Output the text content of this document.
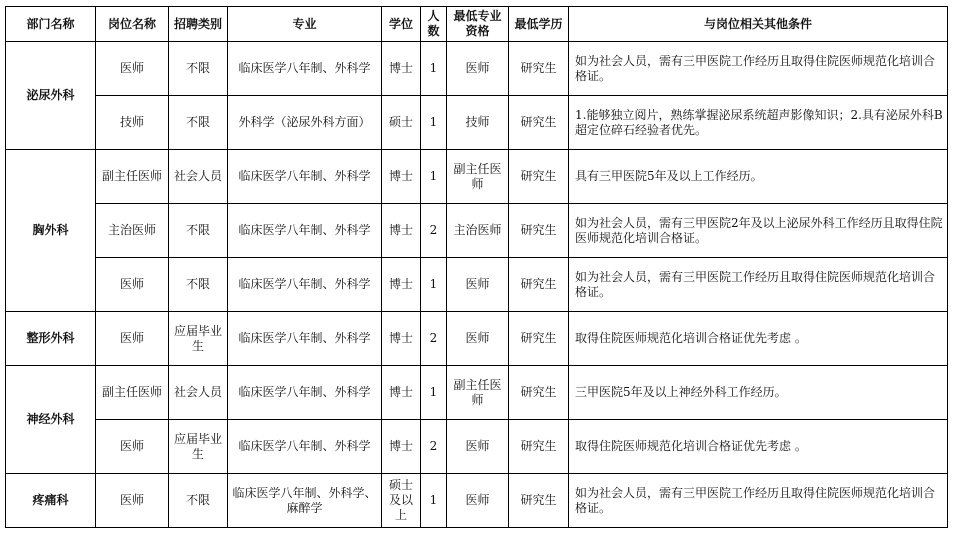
部门名称	岗位名称	招聘类别	专业	学位	人数	最低专业资格	最低学历	与岗位相关其他条件
泌尿外科	医师	不限	临床医学八年制、外科学	博士	1	医师	研究生	如为社会人员，需有三甲医院工作经历且取得住院医师规范化培训合格证。
	技师	不限	外科学（泌尿外科方面）	硕士	1	技师	研究生	1.能够独立阅片，熟练掌握泌尿系统超声影像知识；2.具有泌尿外科B超定位碎石经验者优先。
胸外科	副主任医师	社会人员	临床医学八年制、外科学	博士	1	副主任医师	研究生	具有三甲医院5年及以上工作经历。
	主治医师	不限	临床医学八年制、外科学	博士	2	主治医师	研究生	如为社会人员，需有三甲医院2年及以上泌尿外科工作经历且取得住院医师规范化培训合格证。
	医师	不限	临床医学八年制、外科学	博士	1	医师	研究生	如为社会人员，需有三甲医院工作经历且取得住院医师规范化培训合格证。
整形外科	医师	应届毕业生	临床医学八年制、外科学	博士	2	医师	研究生	取得住院医师规范化培训合格证优先考虑 。
神经外科	副主任医师	社会人员	临床医学八年制、外科学	博士	1	副主任医师	研究生	三甲医院5年及以上神经外科工作经历。
	医师	应届毕业生	临床医学八年制、外科学	博士	2	医师	研究生	取得住院医师规范化培训合格证优先考虑 。
疼痛科	医师	不限	临床医学八年制、外科学、麻醉学	硕士及以上	1	医师	研究生	如为社会人员，需有三甲医院工作经历且取得住院医师规范化培训合格证。
